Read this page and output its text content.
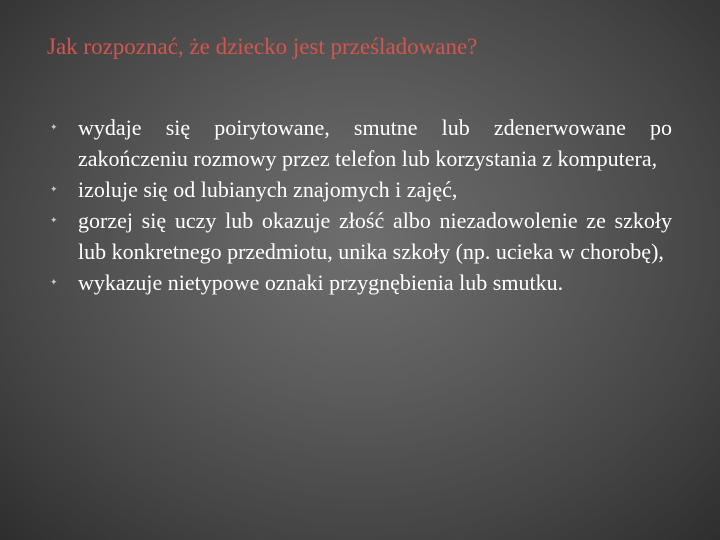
Jak rozpoznać, że dziecko jest prześladowane?
✦ wydaje się poirytowane, smutne lub zdenerwowane po zakończeniu rozmowy przez telefon lub korzystania z komputera,
✦ izoluje się od lubianych znajomych i zajęć,
✦ gorzej się uczy lub okazuje złość albo niezadowolenie ze szkoły lub konkretnego przedmiotu, unika szkoły (np. ucieka w chorobę),
✦ wykazuje nietypowe oznaki przygnębienia lub smutku.
